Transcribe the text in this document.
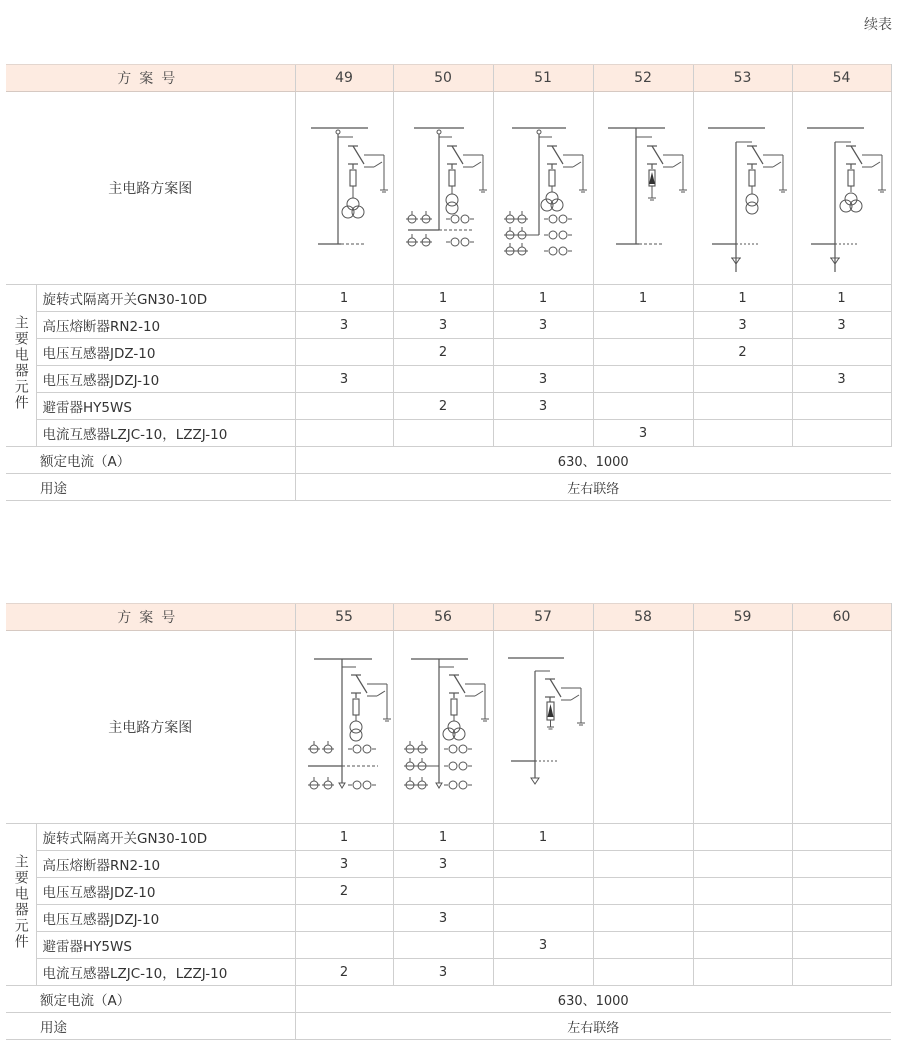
续表
方案号		49	50	51	52	53	54
主电路方案图	

主要电器元件	旋转式隔离开关GN30-10D	1	1	1	1	1	1
	高压熔断器RN2-10	3	3	3		3	3
	电压互感器JDZ-10		2			2	
	电压互感器JDZJ-10	3		3			3
	避雷器HY5WS		2	3			
	电流互感器LZJC-10，LZZJ-10				3		
额定电流（A）		630、1000					
用途		左右联络					
方案号		55	56	57	58	59	60
主电路方案图	

主要电器元件	旋转式隔离开关GN30-10D	1	1	1			
	高压熔断器RN2-10	3	3				
	电压互感器JDZ-10	2					
	电压互感器JDZJ-10		3				
	避雷器HY5WS			3			
	电流互感器LZJC-10，LZZJ-10	2	3				
额定电流（A）		630、1000					
用途		左右联络					
